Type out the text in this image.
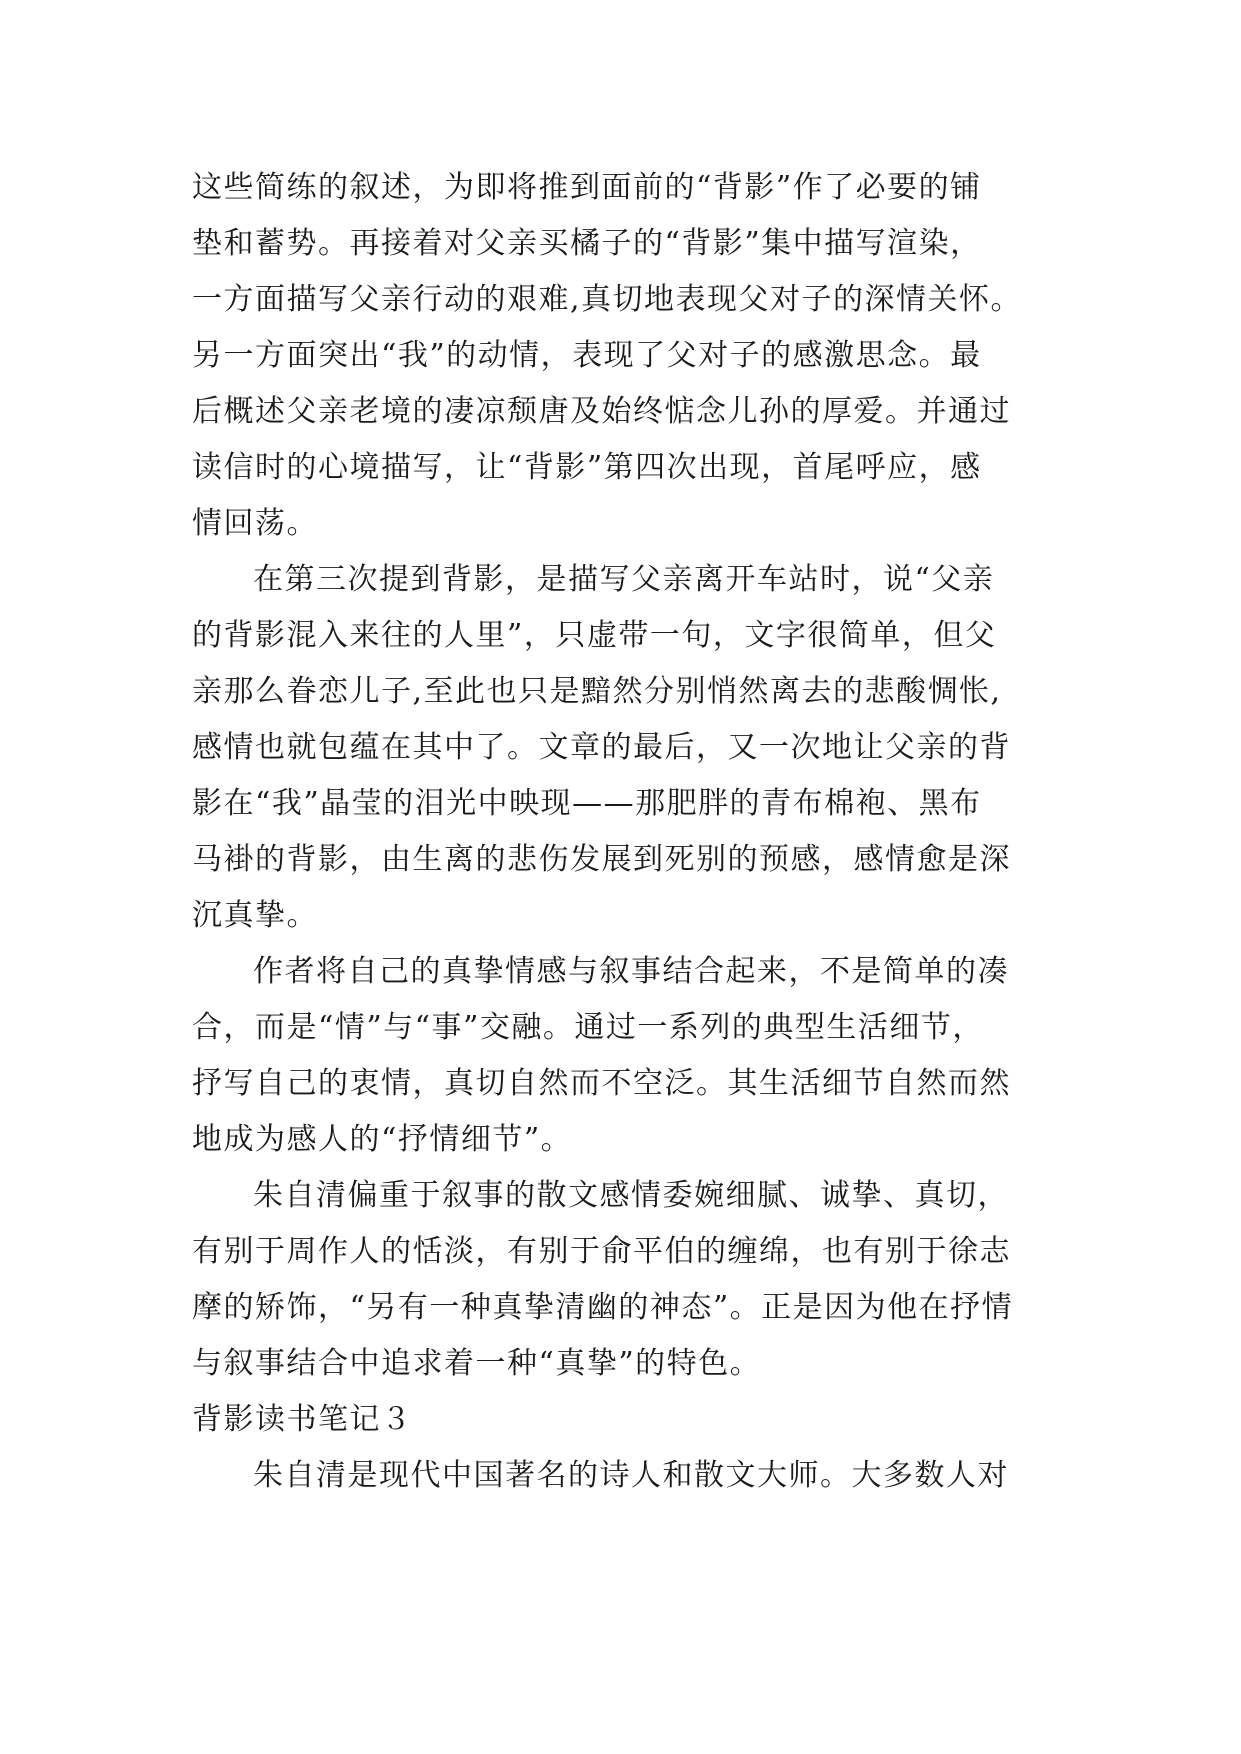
这些简练的叙述，为即将推到面前的“背影”作了必要的铺
垫和蓄势。再接着对父亲买橘子的“背影”集中描写渲染，
一方面描写父亲行动的艰难,真切地表现父对子的深情关怀。
另一方面突出“我”的动情，表现了父对子的感激思念。最
后概述父亲老境的凄凉颓唐及始终惦念儿孙的厚爱。并通过
读信时的心境描写，让“背影”第四次出现，首尾呼应，感
情回荡。
在第三次提到背影，是描写父亲离开车站时，说“父亲
的背影混入来往的人里”，只虚带一句，文字很简单，但父
亲那么眷恋儿子,至此也只是黯然分别悄然离去的悲酸惆怅,
感情也就包蕴在其中了。文章的最后，又一次地让父亲的背
影在“我”晶莹的泪光中映现——那肥胖的青布棉袍、黑布
马褂的背影，由生离的悲伤发展到死别的预感，感情愈是深
沉真挚。
作者将自己的真挚情感与叙事结合起来，不是简单的凑
合，而是“情”与“事”交融。通过一系列的典型生活细节，
抒写自己的衷情，真切自然而不空泛。其生活细节自然而然
地成为感人的“抒情细节”。
朱自清偏重于叙事的散文感情委婉细腻、诚挚、真切，
有别于周作人的恬淡，有别于俞平伯的缠绵，也有别于徐志
摩的矫饰，“另有一种真挚清幽的神态”。正是因为他在抒情
与叙事结合中追求着一种“真挚”的特色。
背影读书笔记３
朱自清是现代中国著名的诗人和散文大师。大多数人对
